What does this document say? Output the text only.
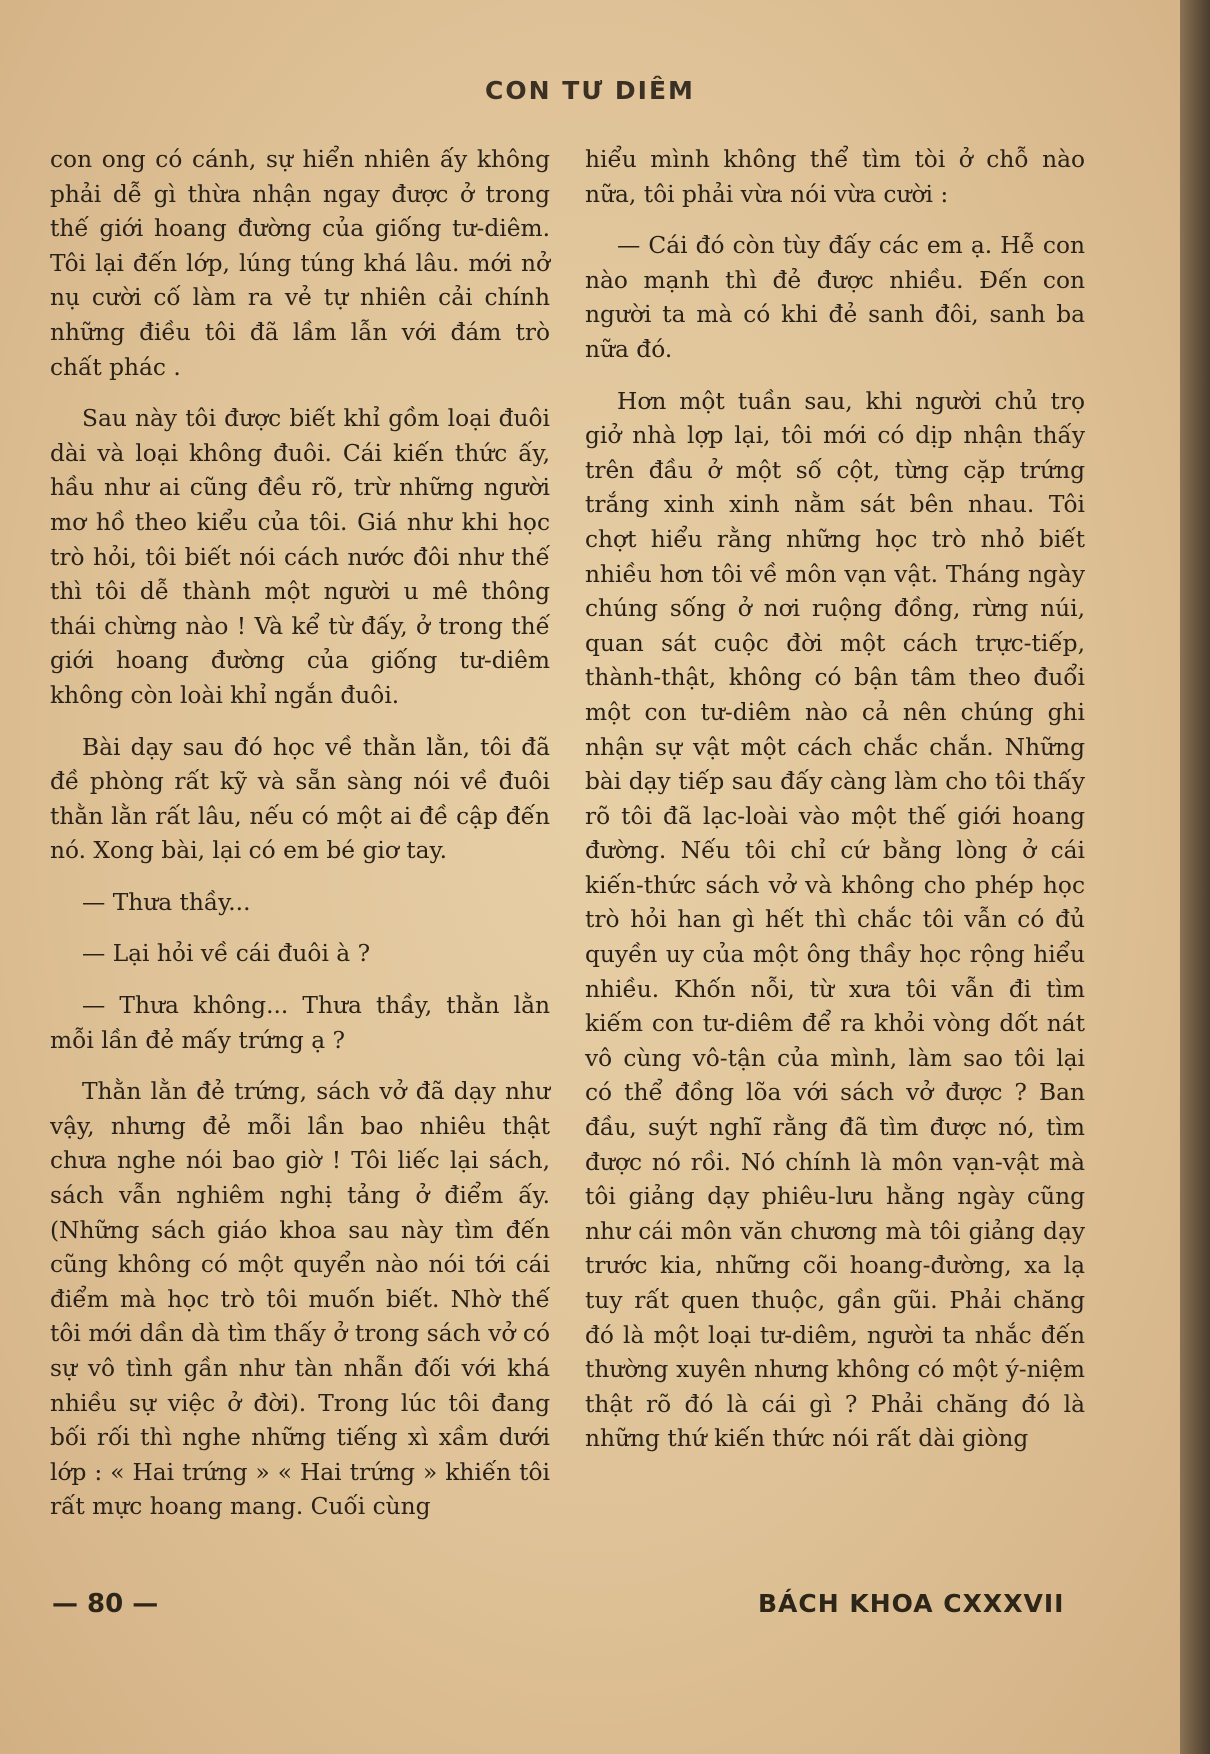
CON TƯ DIÊM

con ong có cánh, sự hiển nhiên ấy không phải dễ gì thừa nhận ngay được ở trong thế giới hoang đường của giống tư-diêm. Tôi lại đến lớp, lúng túng khá lâu. mới nở nụ cười cố làm ra vẻ tự nhiên cải chính những điều tôi đã lầm lẫn với đám trò chất phác .

Sau này tôi được biết khỉ gồm loại đuôi dài và loại không đuôi. Cái kiến thức ấy, hầu như ai cũng đều rõ, trừ những người mơ hồ theo kiểu của tôi. Giá như khi học trò hỏi, tôi biết nói cách nước đôi như thế thì tôi dễ thành một người u mê thông thái chừng nào ! Và kể từ đấy, ở trong thế giới hoang đường của giống tư-diêm không còn loài khỉ ngắn đuôi.

Bài dạy sau đó học về thằn lằn, tôi đã đề phòng rất kỹ và sẵn sàng nói về đuôi thằn lằn rất lâu, nếu có một ai đề cập đến nó. Xong bài, lại có em bé giơ tay.

— Thưa thầy...

— Lại hỏi về cái đuôi à ?

— Thưa không... Thưa thầy, thằn lằn mỗi lần đẻ mấy trứng ạ ?

Thằn lằn đẻ trứng, sách vở đã dạy như vậy, nhưng đẻ mỗi lần bao nhiêu thật chưa nghe nói bao giờ ! Tôi liếc lại sách, sách vẫn nghiêm nghị tảng ở điểm ấy. (Những sách giáo khoa sau này tìm đến cũng không có một quyển nào nói tới cái điểm mà học trò tôi muốn biết. Nhờ thế tôi mới dần dà tìm thấy ở trong sách vở có sự vô tình gần như tàn nhẫn đối với khá nhiều sự việc ở đời). Trong lúc tôi đang bối rối thì nghe những tiếng xì xầm dưới lớp : « Hai trứng » « Hai trứng » khiến tôi rất mực hoang mang. Cuối cùng

hiểu mình không thể tìm tòi ở chỗ nào nữa, tôi phải vừa nói vừa cười :

— Cái đó còn tùy đấy các em ạ. Hễ con nào mạnh thì đẻ được nhiều. Đến con người ta mà có khi đẻ sanh đôi, sanh ba nữa đó.

Hơn một tuần sau, khi người chủ trọ giở nhà lợp lại, tôi mới có dịp nhận thấy trên đầu ở một số cột, từng cặp trứng trắng xinh xinh nằm sát bên nhau. Tôi chợt hiểu rằng những học trò nhỏ biết nhiều hơn tôi về môn vạn vật. Tháng ngày chúng sống ở nơi ruộng đồng, rừng núi, quan sát cuộc đời một cách trực-tiếp, thành-thật, không có bận tâm theo đuổi một con tư-diêm nào cả nên chúng ghi nhận sự vật một cách chắc chắn. Những bài dạy tiếp sau đấy càng làm cho tôi thấy rõ tôi đã lạc-loài vào một thế giới hoang đường. Nếu tôi chỉ cứ bằng lòng ở cái kiến-thức sách vở và không cho phép học trò hỏi han gì hết thì chắc tôi vẫn có đủ quyền uy của một ông thầy học rộng hiểu nhiều. Khốn nỗi, từ xưa tôi vẫn đi tìm kiếm con tư-diêm để ra khỏi vòng dốt nát vô cùng vô-tận của mình, làm sao tôi lại có thể đồng lõa với sách vở được ? Ban đầu, suýt nghĩ rằng đã tìm được nó, tìm được nó rồi. Nó chính là môn vạn-vật mà tôi giảng dạy phiêu-lưu hằng ngày cũng như cái môn văn chương mà tôi giảng dạy trước kia, những cõi hoang-đường, xa lạ tuy rất quen thuộc, gần gũi. Phải chăng đó là một loại tư-diêm, người ta nhắc đến thường xuyên nhưng không có một ý-niệm thật rõ đó là cái gì ? Phải chăng đó là những thứ kiến thức nói rất dài giòng

— 80 —	BÁCH KHOA CXXXVII
